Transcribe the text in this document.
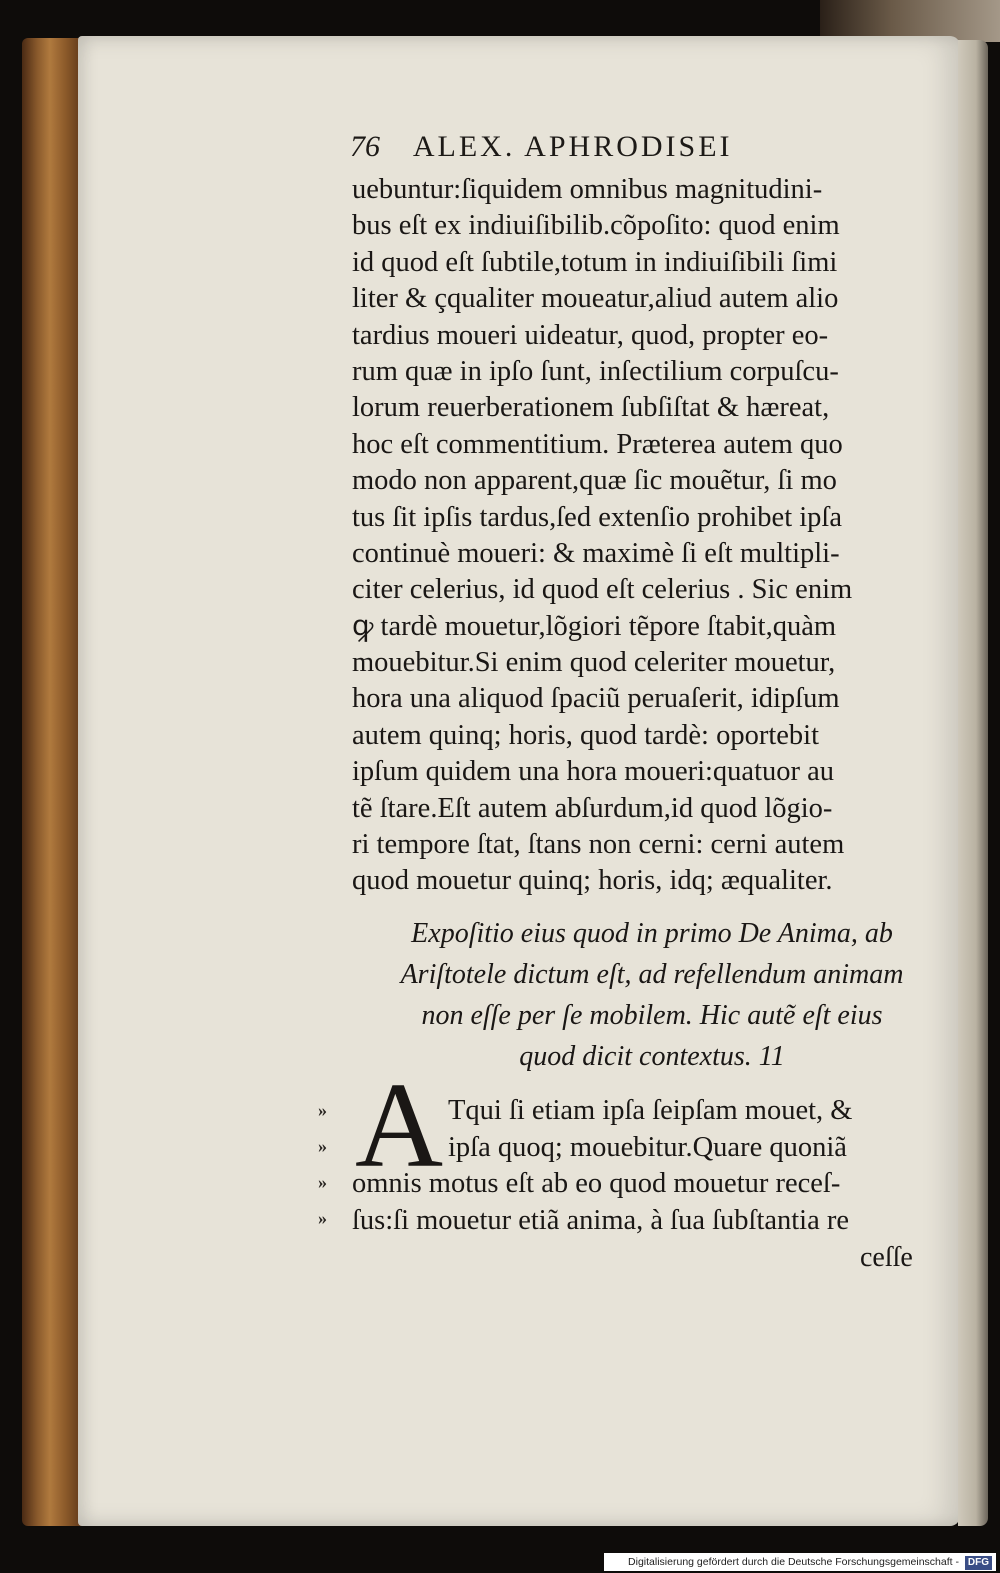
76 ALEX. APHRODISEI
uebuntur:ſiquidem omnibus magnitudini-
bus eſt ex indiuiſibilib.cõpoſito: quod enim
id quod eſt ſubtile,totum in indiuiſibili ſimi
liter & çqualiter moueatur,aliud autem alio
tardius moueri uideatur, quod, propter eo-
rum quæ in ipſo ſunt, inſectilium corpuſcu-
lorum reuerberationem ſubſiſtat & hæreat,
hoc eſt commentitium. Præterea autem quo
modo non apparent,quæ ſic mouẽtur, ſi mo
tus ſit ipſis tardus,ſed extenſio prohibet ipſa
continuè moueri: & maximè ſi eſt multipli-
citer celerius, id quod eſt celerius . Sic enim
ꝙ tardè mouetur,lõgiori tẽpore ſtabit,quàm
mouebitur.Si enim quod celeriter mouetur,
hora una aliquod ſpaciũ peruaſerit, idipſum
autem quinq; horis, quod tardè: oportebit
ipſum quidem una hora moueri:quatuor au
tẽ ſtare.Eſt autem abſurdum,id quod lõgio-
ri tempore ſtat, ſtans non cerni: cerni autem
quod mouetur quinq; horis, idq; æqualiter.
Expoſitio eius quod in primo De Anima, ab
Ariſtotele dictum eſt, ad refellendum animam
non eſſe per ſe mobilem. Hic autẽ eſt eius
quod dicit contextus. 11
A
»
»
»
»
Tqui ſi etiam ipſa ſeipſam mouet, &
ipſa quoq; mouebitur.Quare quoniã
omnis motus eſt ab eo quod mouetur receſ-
ſus:ſi mouetur etiã anima, à ſua ſubſtantia re
ceſſe
Digitalisierung gefördert durch die Deutsche Forschungsgemeinschaft - DFG
